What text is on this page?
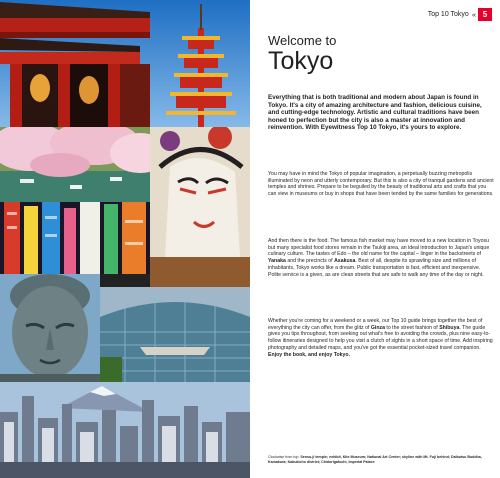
Top 10 Tokyo « 5
Welcome to
Tokyo

Everything that is both traditional and modern about Japan is found in Tokyo. It's a city of amazing architecture and fashion, delicious cuisine, and cutting-edge technology. Artistic and cultural traditions have been honed to perfection but the city is also a master at innovation and reinvention. With Eyewitness Top 10 Tokyo, it's yours to explore.

You may have in mind the Tokyo of popular imagination, a perpetually buzzing metropolis illuminated by neon and utterly contemporary. But this is also a city of tranquil gardens and ancient temples and shrines. Prepare to be beguiled by the beauty of traditional arts and crafts that you can view in museums or buy in shops that have been tended by the same families for generations.

And then there is the food. The famous fish market may have moved to a new location in Toyosu but many specialist food stores remain in the Tsukiji area, an ideal introduction to Japan's unique culinary culture. The tastes of Edo – the old name for the capital – linger in the backstreets of Yanaka and the precincts of Asakusa. Best of all, despite its sprawling size and millions of inhabitants, Tokyo works like a dream. Public transportation is fast, efficient and inexpensive. Polite service is a given, as are clean streets that are safe to walk any time of the day or night.

Whether you're coming for a weekend or a week, our Top 10 guide brings together the best of everything the city can offer, from the glitz of Ginza to the street fashion of Shibuya. The guide gives you tips throughout, from seeking out what's free to avoiding the crowds, plus nine easy-to-follow itineraries designed to help you visit a clutch of sights in a short space of time. Add inspiring photography and detailed maps, and you've got the essential pocket-sized travel companion. Enjoy the book, and enjoy Tokyo.

Clockwise from top: Senso-ji temple; exhibit, Kite Museum; National Art Center; skyline with Mt. Fuji behind; Daibutsu Buddha, Kamakura; Kabukicho district; Chidorigafuchi, Imperial Palace
